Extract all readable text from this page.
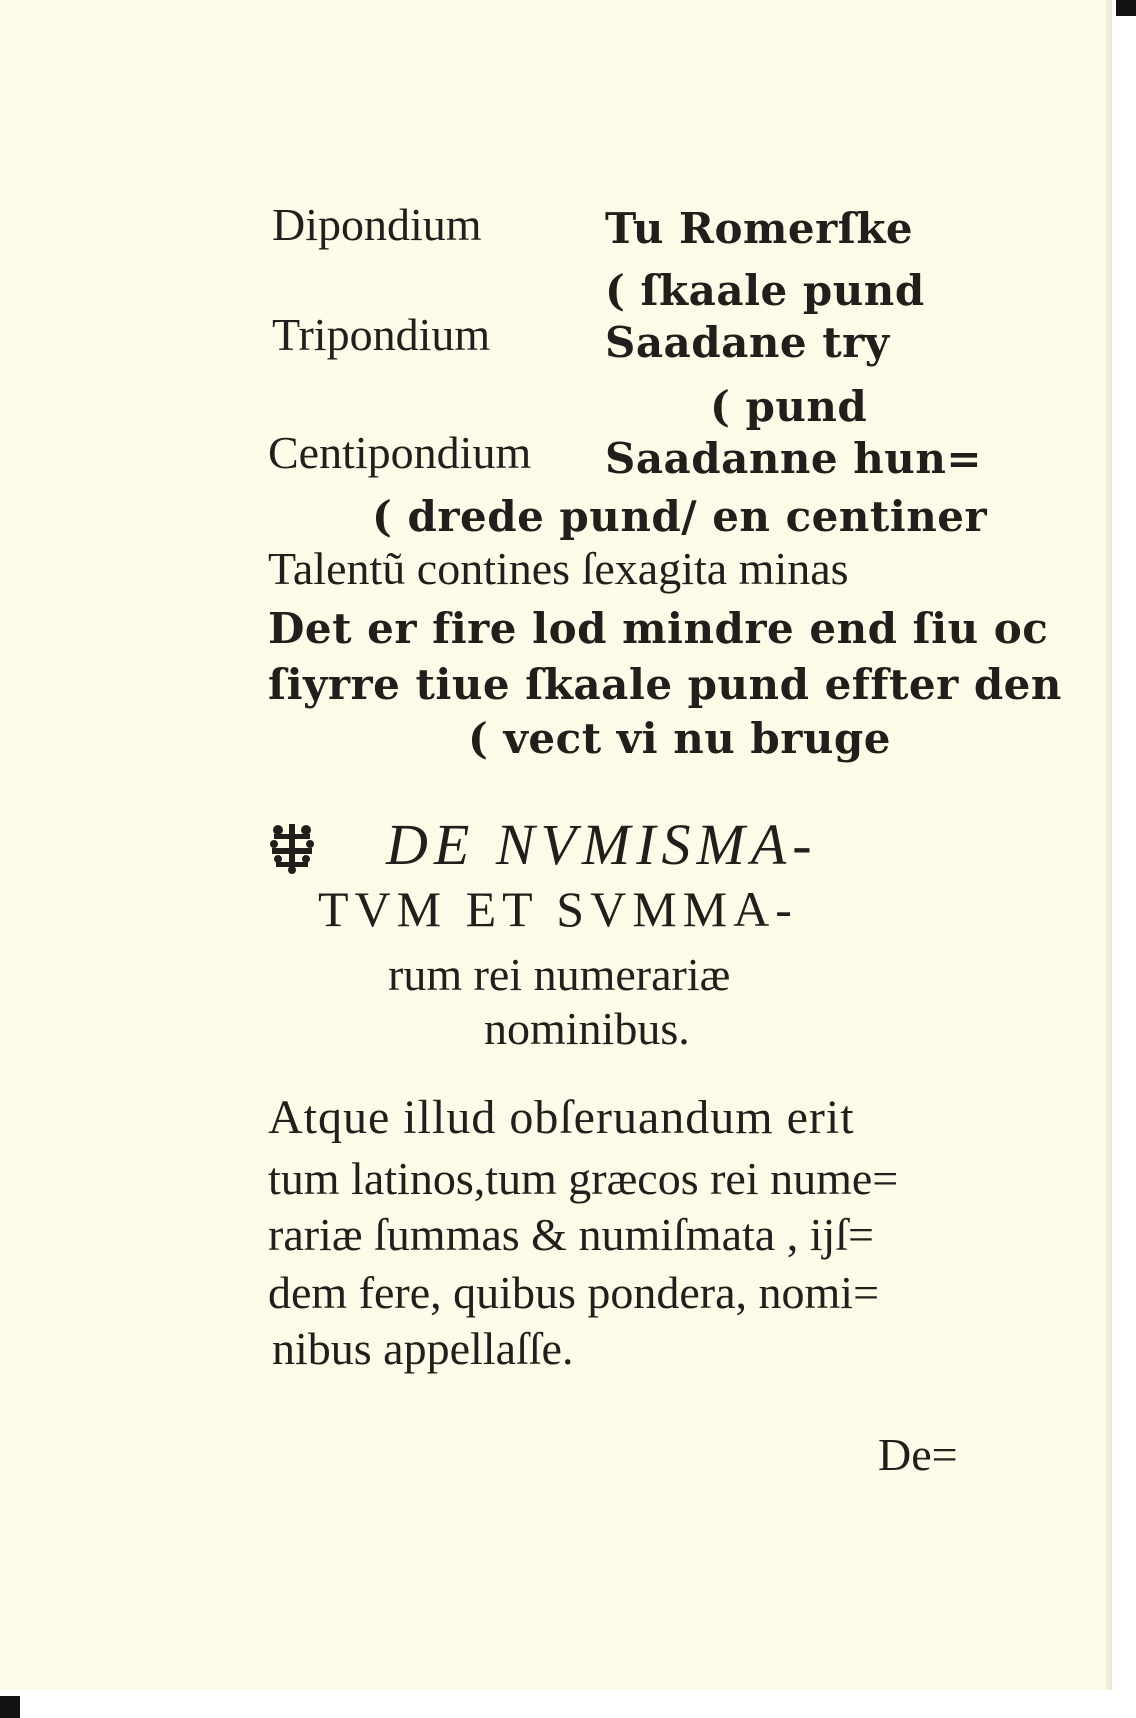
Dipondium	Tu Romerſke
( ſkaale pund
Tripondium	Saadane try
( pund
Centipondium Saadanne hun=
( drede pund/ en centiner
Talentũ contines ſexagita minas
Det er fire lod mindre end ſiu oc
ſiyrre tiue ſkaale pund effter den
( vect vi nu bruge
DE NVMISMA-
TVM ET SVMMA-
rum rei numerariæ
nominibus.
Atque illud obſeruandum erit
tum latinos,tum græcos rei nume=
rariæ ſummas & numiſmata , ijſ=
dem fere, quibus pondera, nomi=
nibus appellaſſe.
De=
